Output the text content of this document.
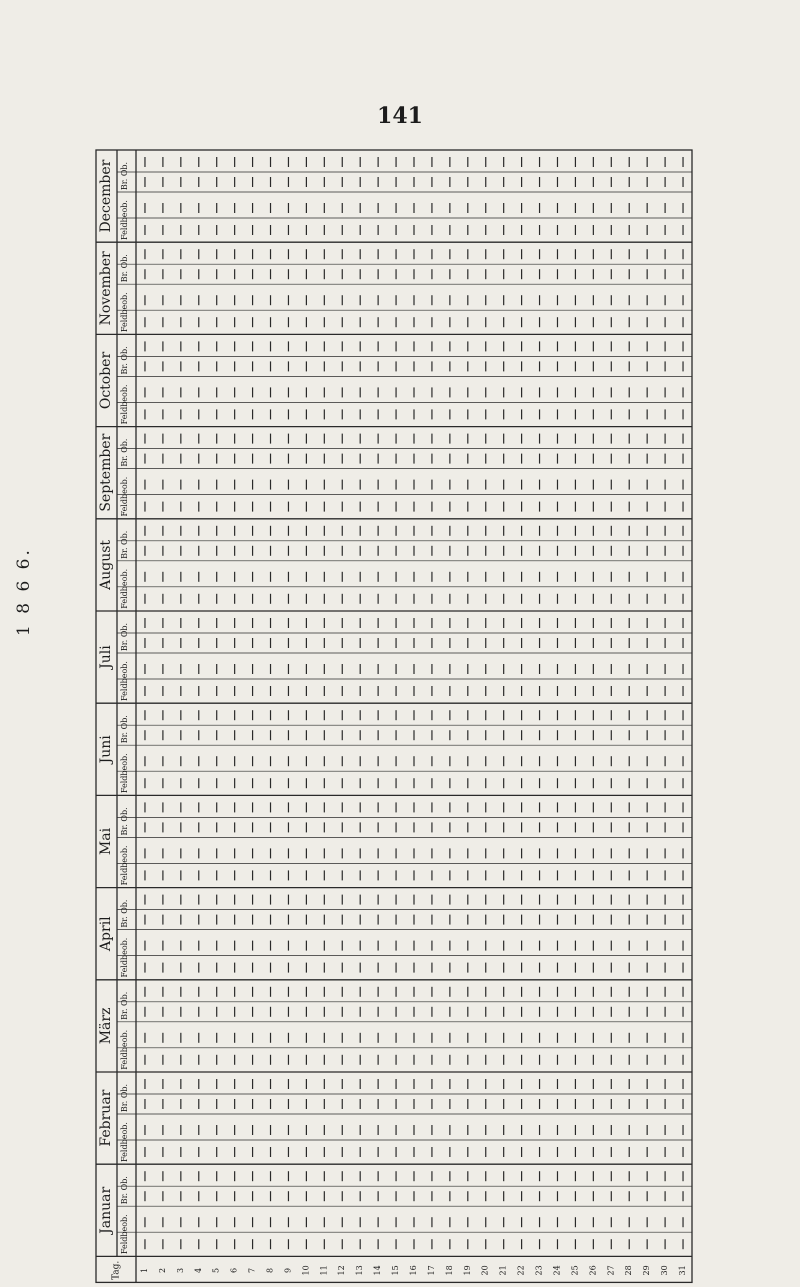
141
1 8 6 6.
December Br. Ob.
Feldbeob.
November Br. Ob.
Feldbeob.
October Br. Ob.
Feldbeob.
September Br. Ob.
Feldbeob.
August Br. Ob.
Feldbeob.
Juli
Br. Ob.
Feldbeob.
Juni
Br. Ob.
Feldbeob.
Mai
Br. Ob.
Feldbeob.
April
Br. Ob.
Feldbeob.
März
Br. Ob.
Feldbeob.
Februar Br. Ob.
Feldbeob.
Januar Br. Ob.
Feldbeob.
Tag. 1 2 3 4 5 6 7 8 9 10 11 12 13 14 15 16 17 18 19 20 21 22 23 24 25 26 27 28 29 30 31
